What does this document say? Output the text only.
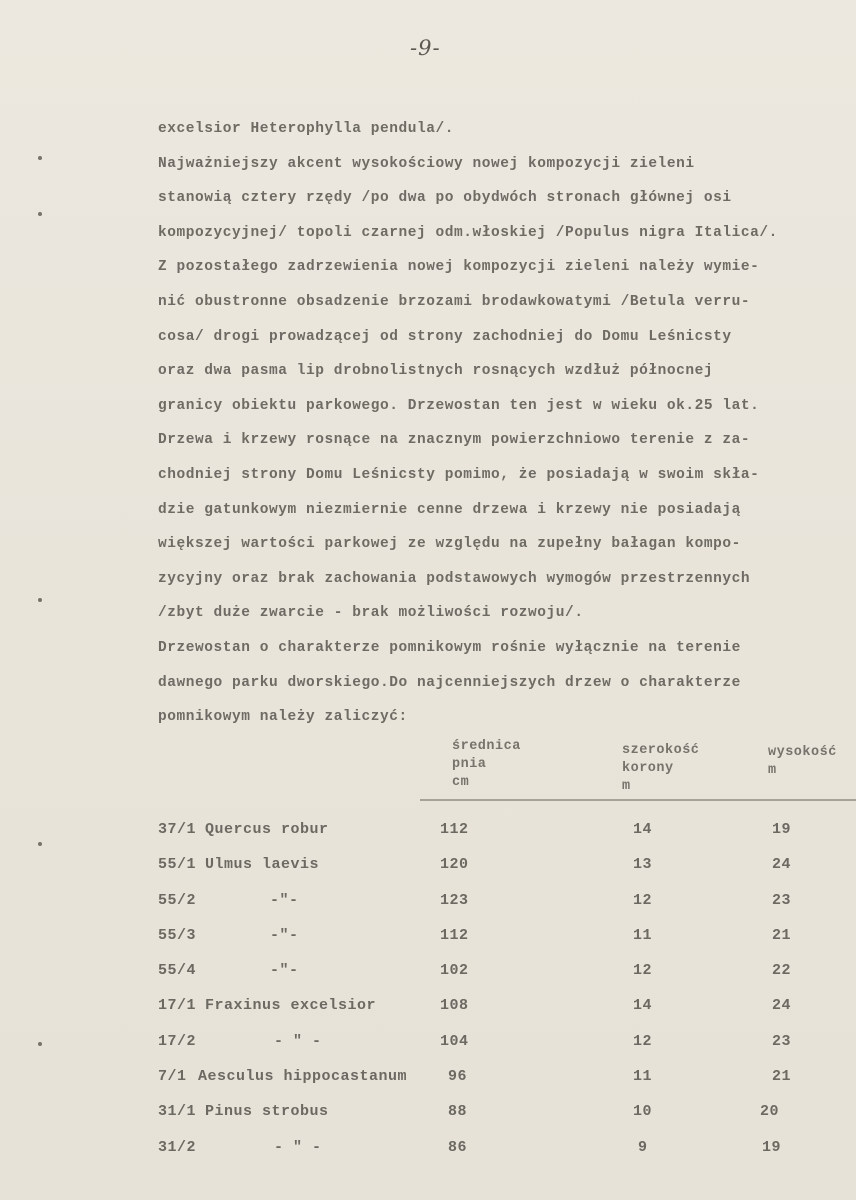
-9-
excelsior Heterophylla pendula/.
Najważniejszy akcent wysokościowy nowej kompozycji zieleni
stanowią cztery rzędy /po dwa po obydwóch stronach głównej osi
kompozycyjnej/ topoli czarnej odm.włoskiej /Populus nigra Italica/.
Z pozostałego zadrzewienia nowej kompozycji zieleni należy wymie-
nić obustronne obsadzenie brzozami brodawkowatymi /Betula verru-
cosa/ drogi prowadzącej od strony zachodniej do Domu Leśnicsty
oraz dwa pasma lip drobnolistnych rosnących wzdłuż północnej
granicy obiektu parkowego. Drzewostan ten jest w wieku ok.25 lat.
Drzewa i krzewy rosnące na znacznym powierzchniowo terenie z za-
chodniej strony Domu Leśnicsty pomimo, że posiadają w swoim skła-
dzie gatunkowym niezmiernie cenne drzewa i krzewy nie posiadają
większej wartości parkowej ze względu na zupełny bałagan kompo-
zycyjny oraz brak zachowania podstawowych wymogów przestrzennych
/zbyt duże zwarcie - brak możliwości rozwoju/.
Drzewostan o charakterze pomnikowym rośnie wyłącznie na terenie
dawnego parku dworskiego.Do najcenniejszych drzew o charakterze
pomnikowym należy zaliczyć:
średnica
pnia
cm
szerokość
korony
m
wysokość
m
37/1 Quercus robur	112	14	19
55/1 Ulmus laevis	120	13	24
55/2	-"-	123	12	23
55/3	-"-	112	11	21
55/4	-"-	102	12	22
17/1 Fraxinus excelsior	108	14	24
17/2	- " -	104	12	23
7/1 Aesculus hippocastanum	96	11	21
31/1 Pinus strobus	88	10	20
31/2	- " -	86	9	19
